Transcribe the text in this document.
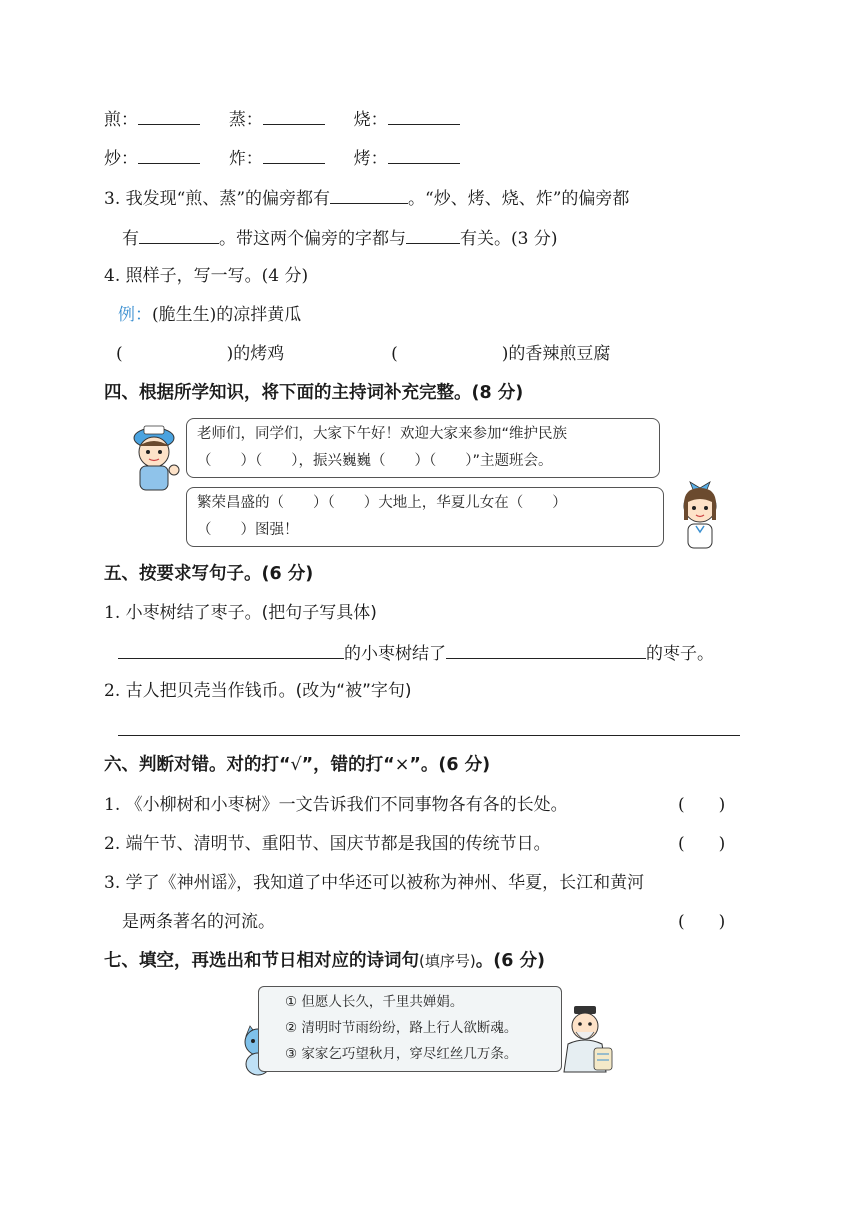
煎：	蒸：	烧：
炒：	炸：	烤：
3. 我发现“煎、蒸”的偏旁都有	。“炒、烤、烧、炸”的偏旁都
有	。带这两个偏旁的字都与	有关。(3 分)
4. 照样子，写一写。(4 分)
例：(脆生生)的凉拌黄瓜
(	)的烤鸡	(	)的香辣煎豆腐
四、根据所学知识，将下面的主持词补充完整。(8 分)
老师们，同学们，大家下午好！欢迎大家来参加“维护民族
（　　）（　　），振兴巍巍（　　）（　　）”主题班会。
繁荣昌盛的（　　）（　　）大地上，华夏儿女在（　　）
（　　）图强！
五、按要求写句子。(6 分)
1. 小枣树结了枣子。(把句子写具体)
的小枣树结了	的枣子。
2. 古人把贝壳当作钱币。(改为“被”字句)
六、判断对错。对的打“√”，错的打“×”。(6 分)
1. 《小柳树和小枣树》一文告诉我们不同事物各有各的长处。	(　　)
2. 端午节、清明节、重阳节、国庆节都是我国的传统节日。	(　　)
3. 学了《神州谣》，我知道了中华还可以被称为神州、华夏，长江和黄河
是两条著名的河流。	(　　)
七、填空，再选出和节日相对应的诗词句(填序号)。(6 分)
① 但愿人长久，千里共婵娟。
② 清明时节雨纷纷，路上行人欲断魂。
③ 家家乞巧望秋月，穿尽红丝几万条。
